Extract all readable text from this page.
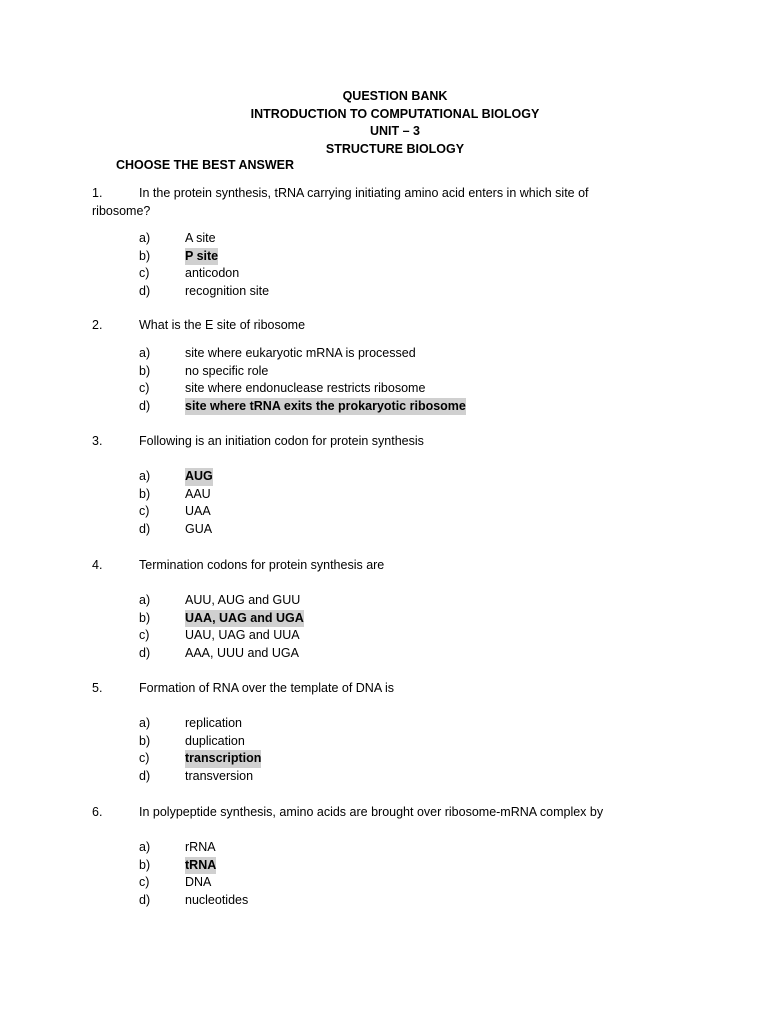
QUESTION BANK
INTRODUCTION TO COMPUTATIONAL BIOLOGY
UNIT – 3
STRUCTURE BIOLOGY
CHOOSE THE BEST ANSWER
1.	In the protein synthesis, tRNA carrying initiating amino acid enters in which site of
ribosome?
a)	A site
b)	P site
c)	anticodon
d)	recognition site
2.	What is the E site of ribosome
a)	site where eukaryotic mRNA is processed
b)	no specific role
c)	site where endonuclease restricts ribosome
d)	site where tRNA exits the prokaryotic ribosome
3.	Following is an initiation codon for protein synthesis
a)	AUG
b)	AAU
c)	UAA
d)	GUA
4.	Termination codons for protein synthesis are
a)	AUU, AUG and GUU
b)	UAA, UAG and UGA
c)	UAU, UAG and UUA
d)	AAA, UUU and UGA
5.	Formation of RNA over the template of DNA is
a)	replication
b)	duplication
c)	transcription
d)	transversion
6.	In polypeptide synthesis, amino acids are brought over ribosome-mRNA complex by
a)	rRNA
b)	tRNA
c)	DNA
d)	nucleotides
